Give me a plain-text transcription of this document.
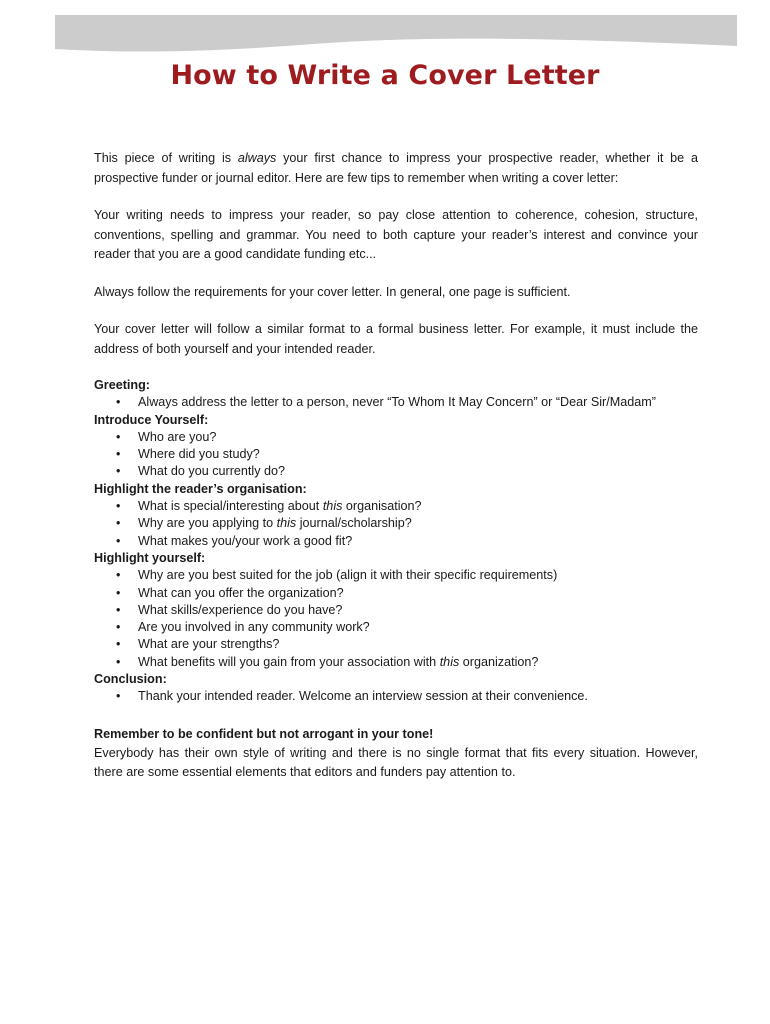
How to Write a Cover Letter

This piece of writing is always your first chance to impress your prospective reader, whether it be a prospective funder or journal editor. Here are few tips to remember when writing a cover letter:

Your writing needs to impress your reader, so pay close attention to coherence, cohesion, structure, conventions, spelling and grammar. You need to both capture your reader’s interest and convince your reader that you are a good candidate funding etc...

Always follow the requirements for your cover letter. In general, one page is sufficient.

Your cover letter will follow a similar format to a formal business letter. For example, it must include the address of both yourself and your intended reader.

Greeting:

• Always address the letter to a person, never “To Whom It May Concern” or “Dear Sir/Madam”

Introduce Yourself:

• Who are you?
• Where did you study?
• What do you currently do?

Highlight the reader’s organisation:

• What is special/interesting about this organisation?
• Why are you applying to this journal/scholarship?
• What makes you/your work a good fit?

Highlight yourself:

• Why are you best suited for the job (align it with their specific requirements)
• What can you offer the organization?
• What skills/experience do you have?
• Are you involved in any community work?
• What are your strengths?
• What benefits will you gain from your association with this organization?

Conclusion:

• Thank your intended reader. Welcome an interview session at their convenience.

Remember to be confident but not arrogant in your tone!

Everybody has their own style of writing and there is no single format that fits every situation. However, there are some essential elements that editors and funders pay attention to.
